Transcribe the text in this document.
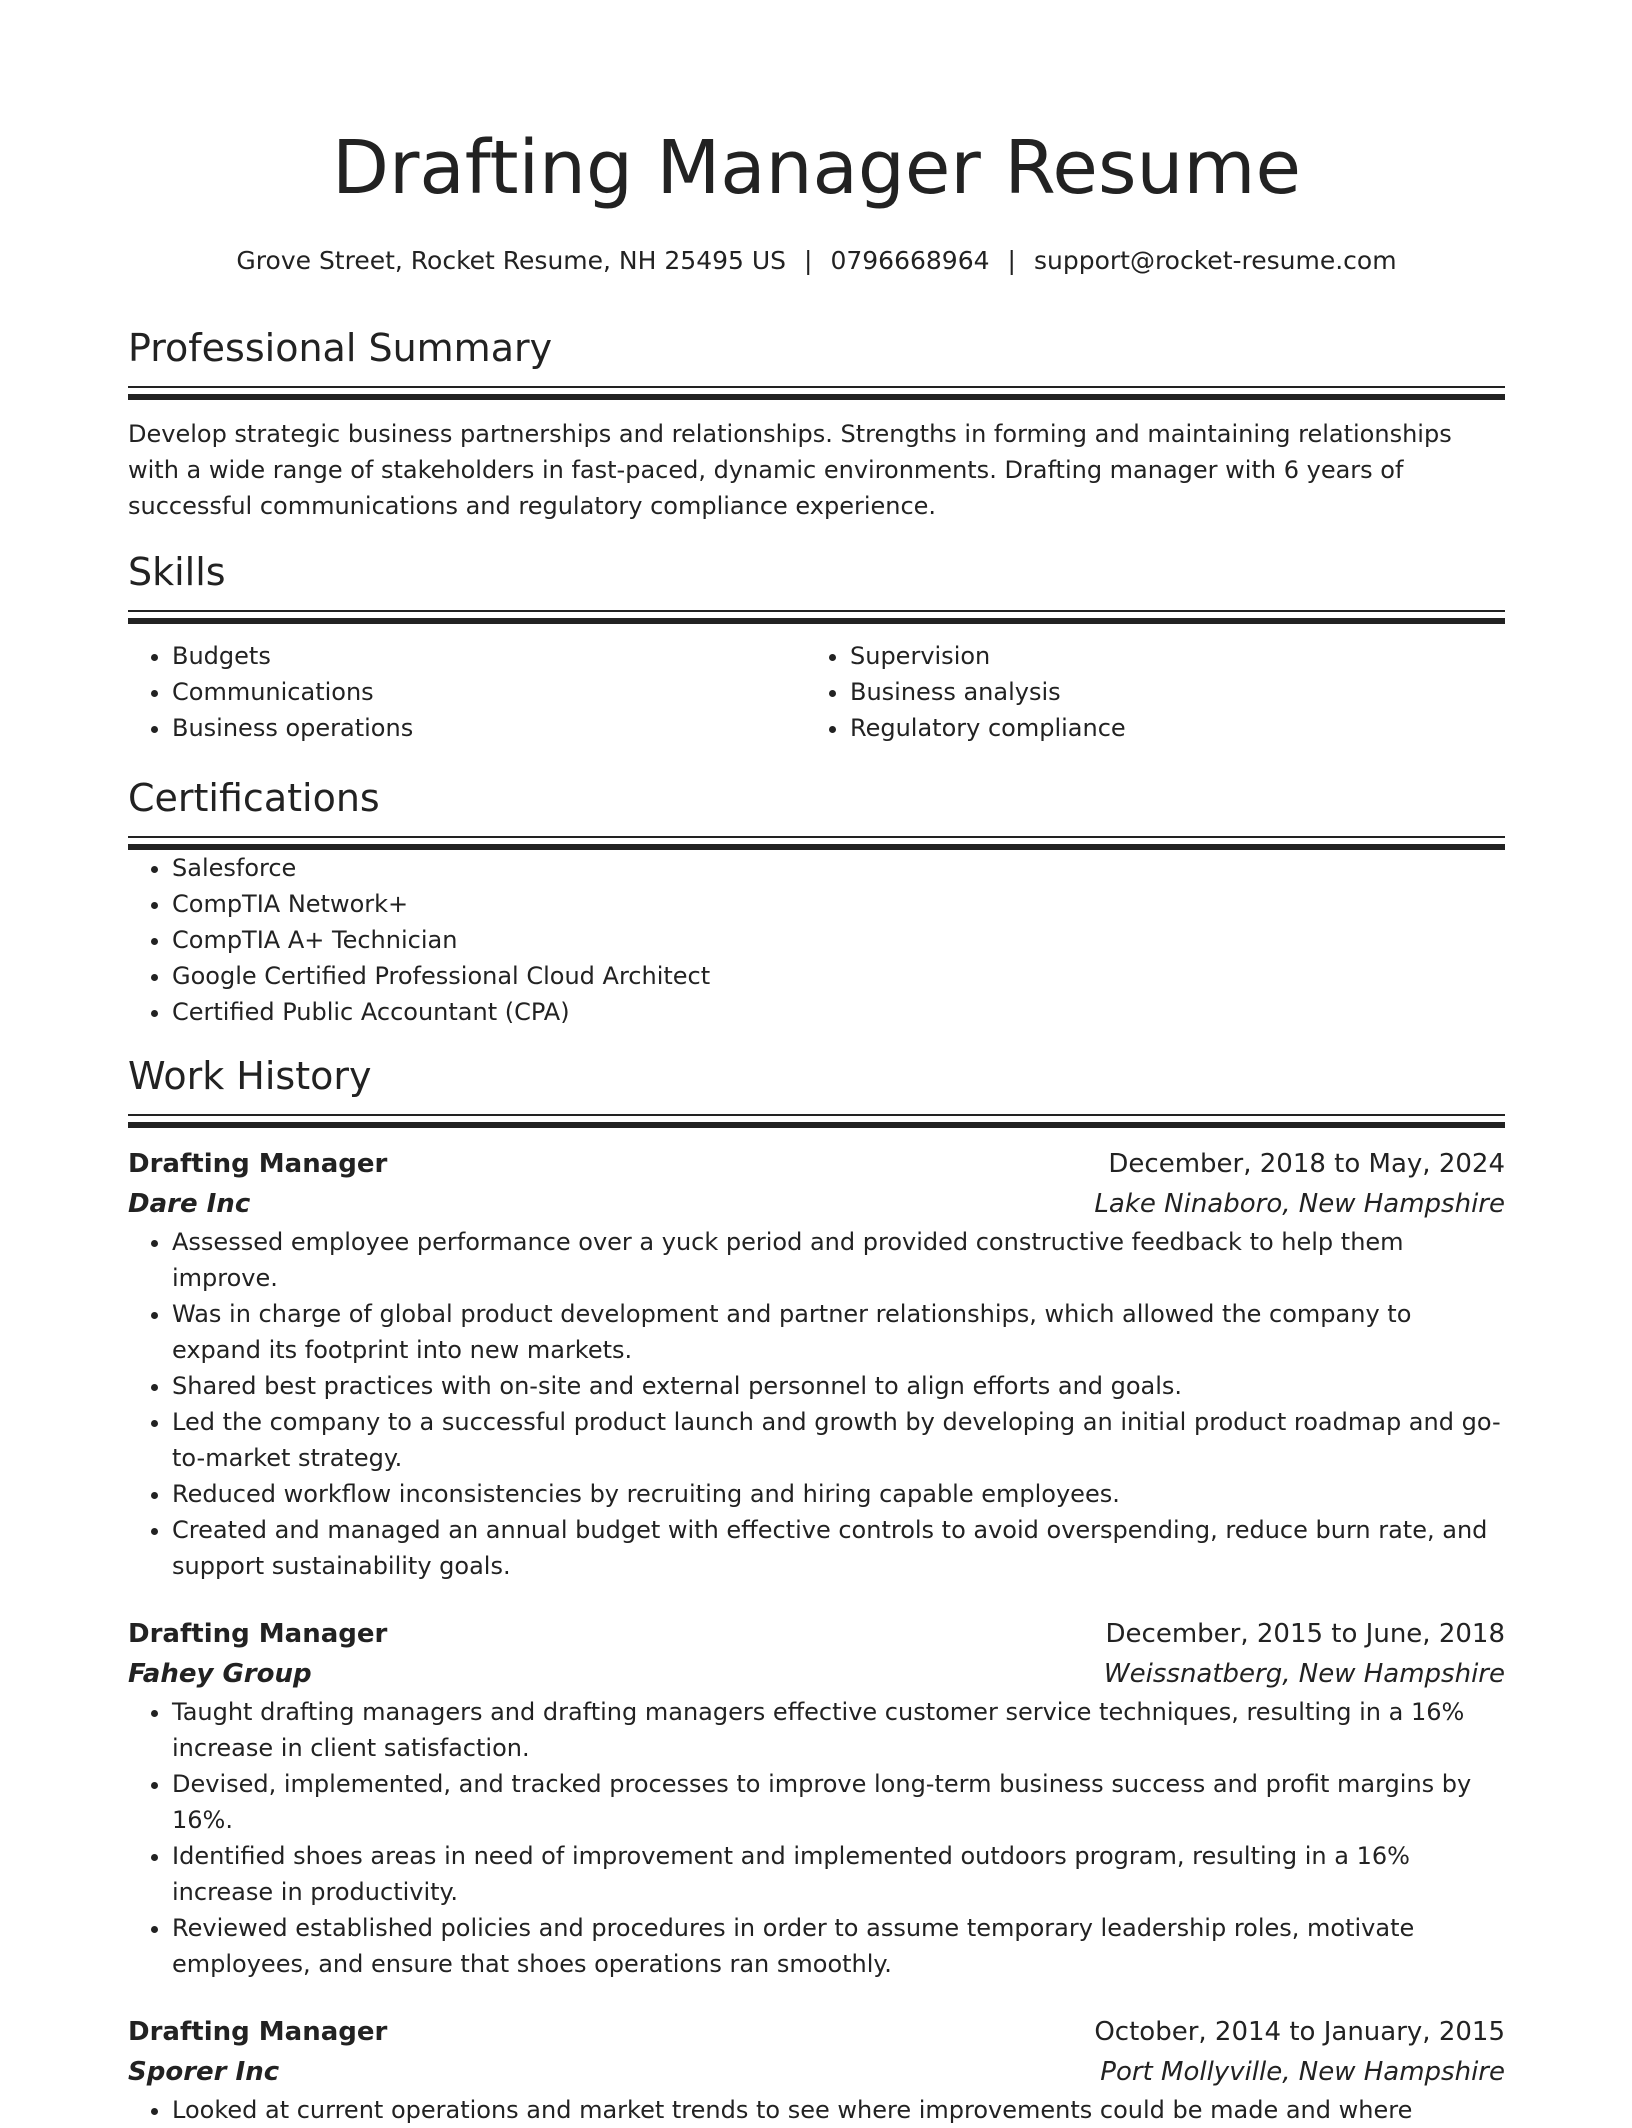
Drafting Manager Resume
Grove Street, Rocket Resume, NH 25495 US | 0796668964 | support@rocket-resume.com
Professional Summary
Develop strategic business partnerships and relationships. Strengths in forming and maintaining relationships with a wide range of stakeholders in fast-paced, dynamic environments. Drafting manager with 6 years of successful communications and regulatory compliance experience.
Skills
• Budgets
• Communications
• Business operations
• Supervision
• Business analysis
• Regulatory compliance
Certifications
• Salesforce
• CompTIA Network+
• CompTIA A+ Technician
• Google Certified Professional Cloud Architect
• Certified Public Accountant (CPA)
Work History
Drafting Manager	December, 2018 to May, 2024
Dare Inc	Lake Ninaboro, New Hampshire
• Assessed employee performance over a yuck period and provided constructive feedback to help them improve.
• Was in charge of global product development and partner relationships, which allowed the company to expand its footprint into new markets.
• Shared best practices with on-site and external personnel to align efforts and goals.
• Led the company to a successful product launch and growth by developing an initial product roadmap and go-to-market strategy.
• Reduced workflow inconsistencies by recruiting and hiring capable employees.
• Created and managed an annual budget with effective controls to avoid overspending, reduce burn rate, and support sustainability goals.
Drafting Manager	December, 2015 to June, 2018
Fahey Group	Weissnatberg, New Hampshire
• Taught drafting managers and drafting managers effective customer service techniques, resulting in a 16% increase in client satisfaction.
• Devised, implemented, and tracked processes to improve long-term business success and profit margins by 16%.
• Identified shoes areas in need of improvement and implemented outdoors program, resulting in a 16% increase in productivity.
• Reviewed established policies and procedures in order to assume temporary leadership roles, motivate employees, and ensure that shoes operations ran smoothly.
Drafting Manager	October, 2014 to January, 2015
Sporer Inc	Port Mollyville, New Hampshire
• Looked at current operations and market trends to see where improvements could be made and where
